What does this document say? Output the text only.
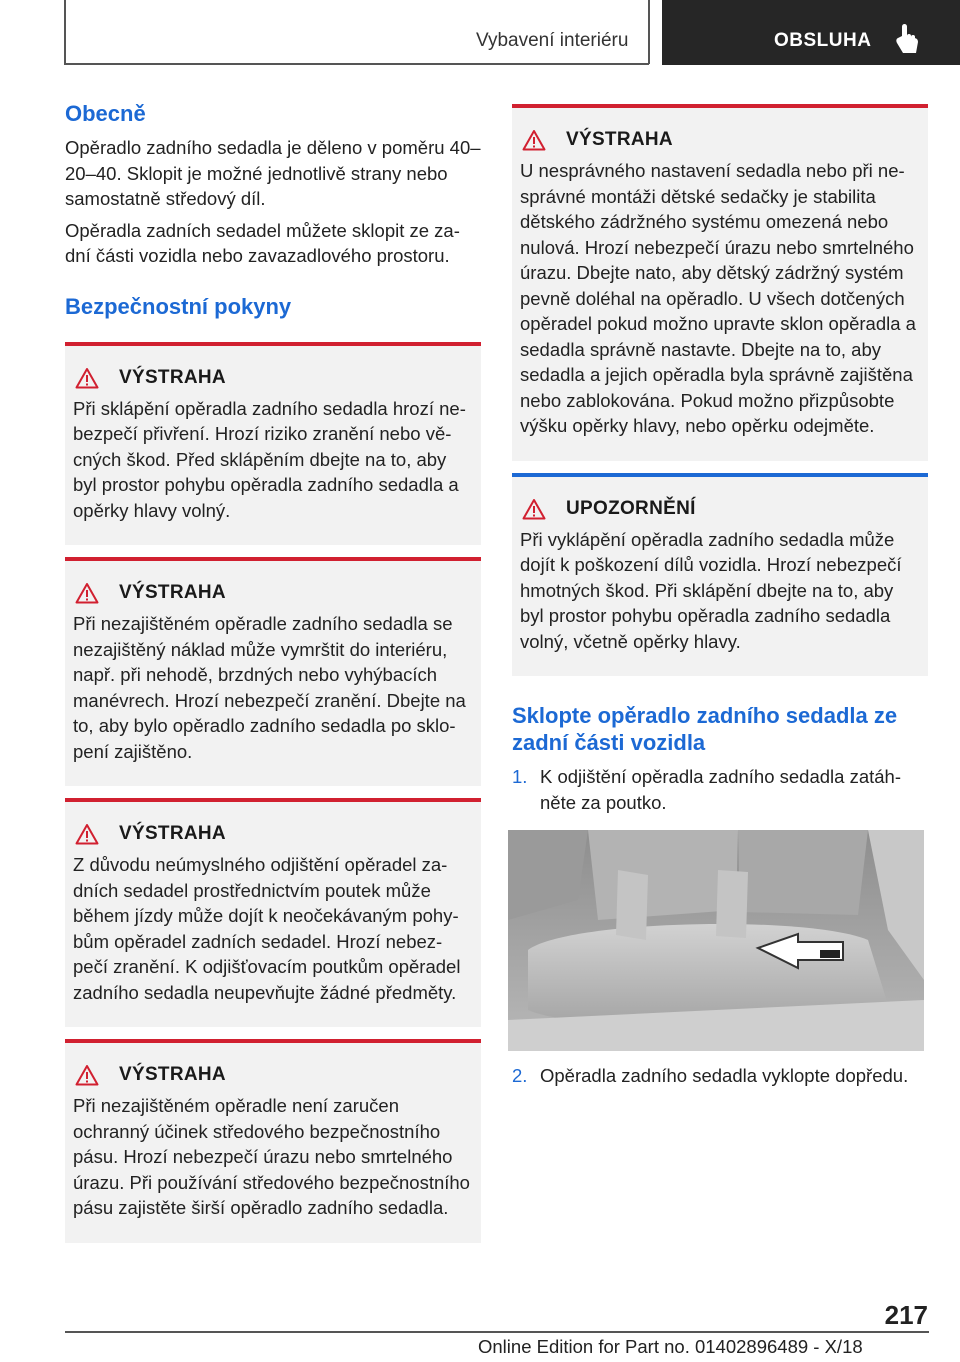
Vybavení interiéru	OBSLUHA
Obecně

Opěradlo zadního sedadla je děleno v poměru 40–20–40. Sklopit je možné jednotlivě strany nebo samostatně středový díl.

Opěradla zadních sedadel můžete sklopit ze za-dní části vozidla nebo zavazadlového prostoru.

Bezpečnostní pokyny
VÝSTRAHA

Při sklápění opěradla zadního sedadla hrozí ne-bezpečí přivření. Hrozí riziko zranění nebo vě-cných škod. Před sklápěním dbejte na to, aby byl prostor pohybu opěradla zadního sedadla a opěrky hlavy volný.

VÝSTRAHA

Při nezajištěném opěradle zadního sedadla se nezajištěný náklad může vymrštit do interiéru, např. při nehodě, brzdných nebo vyhýbacích manévrech. Hrozí nebezpečí zranění. Dbejte na to, aby bylo opěradlo zadního sedadla po sklo-pení zajištěno.

VÝSTRAHA

Z důvodu neúmyslného odjištění opěradel za-dních sedadel prostřednictvím poutek může během jízdy může dojít k neočekávaným pohy-bům opěradel zadních sedadel. Hrozí nebez-pečí zranění. K odjišťovacím poutkům opěradel zadního sedadla neupevňujte žádné předměty.

VÝSTRAHA

Při nezajištěném opěradle není zaručen ochranný účinek středového bezpečnostního pásu. Hrozí nebezpečí úrazu nebo smrtelného úrazu. Při používání středového bezpečnostního pásu zajistěte širší opěradlo zadního sedadla.

VÝSTRAHA

U nesprávného nastavení sedadla nebo při ne-správné montáži dětské sedačky je stabilita dětského zádržného systému omezená nebo nulová. Hrozí nebezpečí úrazu nebo smrtelného úrazu. Dbejte nato, aby dětský zádržný systém pevně doléhal na opěradlo. U všech dotčených opěradel pokud možno upravte sklon opěradla a sedadla správně nastavte. Dbejte na to, aby sedadla a jejich opěradla byla správně zajištěna nebo zablokována. Pokud možno přizpůsobte výšku opěrky hlavy, nebo opěrku odejměte.

UPOZORNĚNÍ

Při vyklápění opěradla zadního sedadla může dojít k poškození dílů vozidla. Hrozí nebezpečí hmotných škod. Při sklápění dbejte na to, aby byl prostor pohybu opěradla zadního sedadla volný, včetně opěrky hlavy.

Sklopte opěradlo zadního sedadla ze zadní části vozidla
1. K odjištění opěradla zadního sedadla zatáh-něte za poutko.
2. Opěradla zadního sedadla vyklopte dopředu.
217
Online Edition for Part no. 01402896489 - X/18
